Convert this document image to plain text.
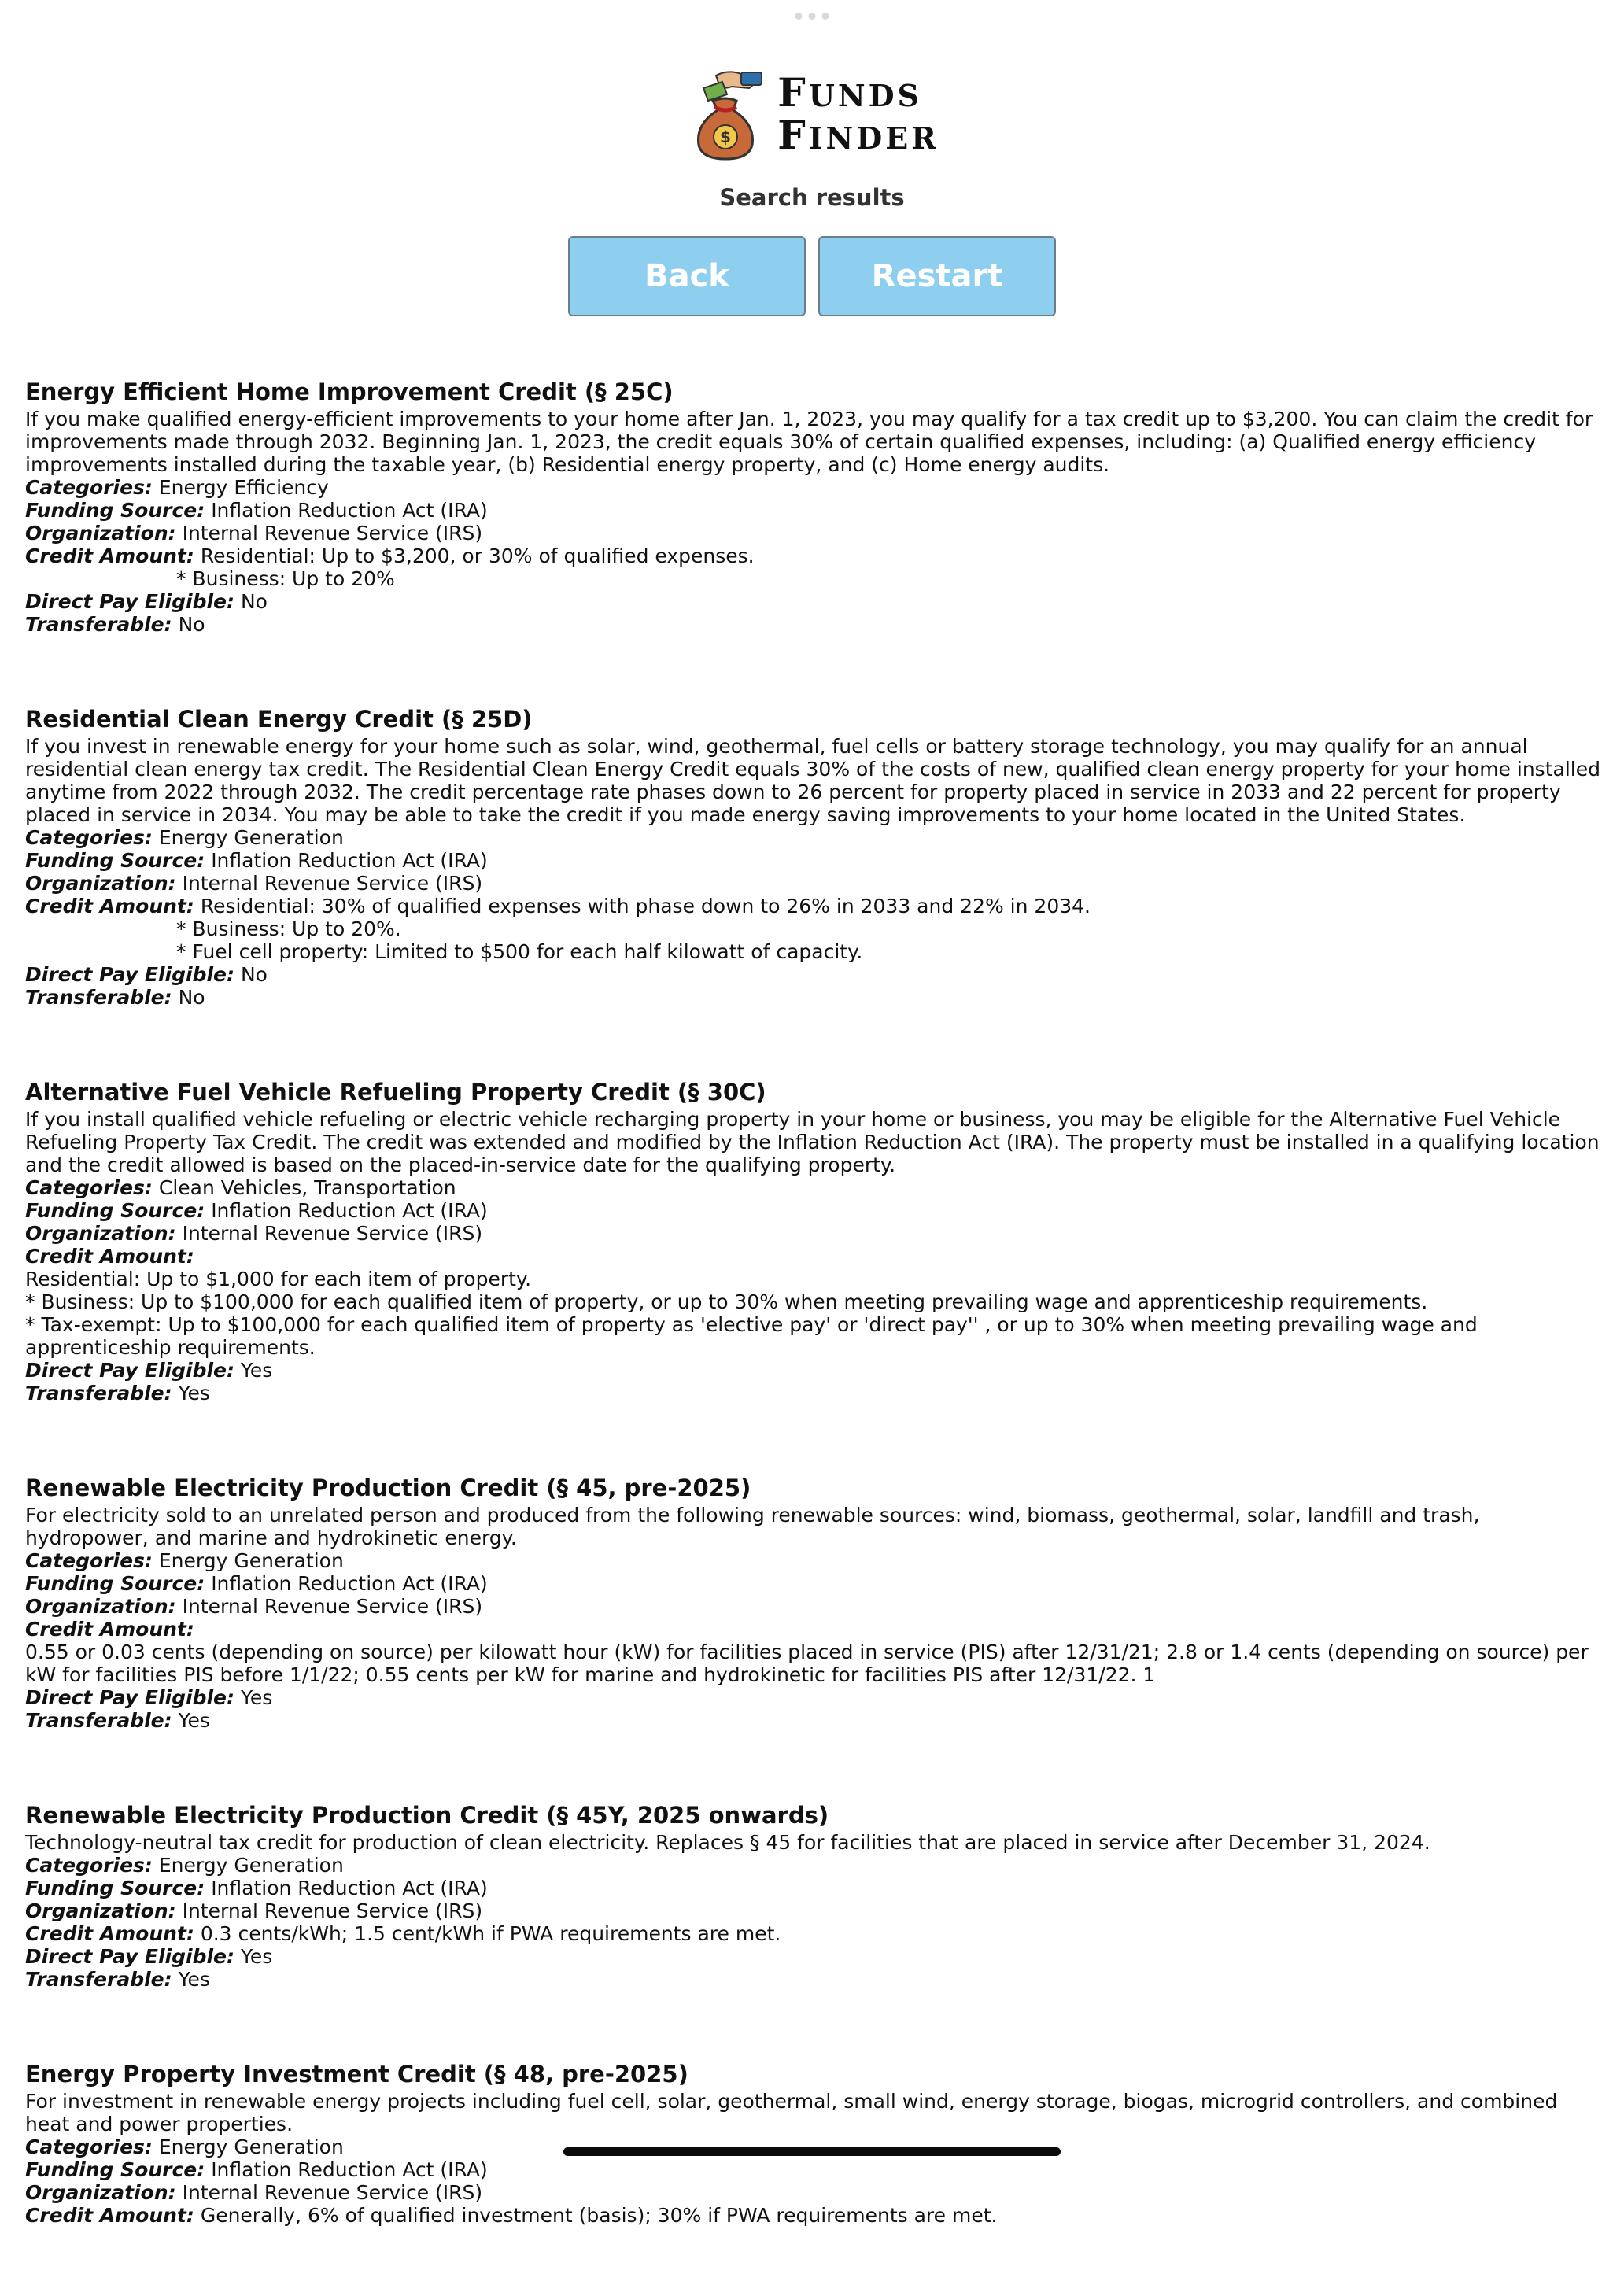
$
FUNDS
FINDER
Search results
Back	Restart
Energy Efficient Home Improvement Credit (§ 25C)

If you make qualified energy-efficient improvements to your home after Jan. 1, 2023, you may qualify for a tax credit up to $3,200. You can claim the credit for improvements made through 2032. Beginning Jan. 1, 2023, the credit equals 30% of certain qualified expenses, including: (a) Qualified energy efficiency improvements installed during the taxable year, (b) Residential energy property, and (c) Home energy audits.

Categories: Energy Efficiency

Funding Source: Inflation Reduction Act (IRA)

Organization: Internal Revenue Service (IRS)

Credit Amount: Residential: Up to $3,200, or 30% of qualified expenses.

* Business: Up to 20%

Direct Pay Eligible: No

Transferable: No

Residential Clean Energy Credit (§ 25D)

If you invest in renewable energy for your home such as solar, wind, geothermal, fuel cells or battery storage technology, you may qualify for an annual residential clean energy tax credit. The Residential Clean Energy Credit equals 30% of the costs of new, qualified clean energy property for your home installed anytime from 2022 through 2032. The credit percentage rate phases down to 26 percent for property placed in service in 2033 and 22 percent for property placed in service in 2034. You may be able to take the credit if you made energy saving improvements to your home located in the United States.

Categories: Energy Generation

Funding Source: Inflation Reduction Act (IRA)

Organization: Internal Revenue Service (IRS)

Credit Amount: Residential: 30% of qualified expenses with phase down to 26% in 2033 and 22% in 2034.

* Business: Up to 20%.

* Fuel cell property: Limited to $500 for each half kilowatt of capacity.

Direct Pay Eligible: No

Transferable: No

Alternative Fuel Vehicle Refueling Property Credit (§ 30C)

If you install qualified vehicle refueling or electric vehicle recharging property in your home or business, you may be eligible for the Alternative Fuel Vehicle Refueling Property Tax Credit. The credit was extended and modified by the Inflation Reduction Act (IRA). The property must be installed in a qualifying location and the credit allowed is based on the placed-in-service date for the qualifying property.

Categories: Clean Vehicles, Transportation

Funding Source: Inflation Reduction Act (IRA)

Organization: Internal Revenue Service (IRS)

Credit Amount:

Residential: Up to $1,000 for each item of property.

* Business: Up to $100,000 for each qualified item of property, or up to 30% when meeting prevailing wage and apprenticeship requirements.

* Tax-exempt: Up to $100,000 for each qualified item of property as 'elective pay' or 'direct pay'' , or up to 30% when meeting prevailing wage and apprenticeship requirements.

Direct Pay Eligible: Yes

Transferable: Yes

Renewable Electricity Production Credit (§ 45, pre-2025)

For electricity sold to an unrelated person and produced from the following renewable sources: wind, biomass, geothermal, solar, landfill and trash, hydropower, and marine and hydrokinetic energy.

Categories: Energy Generation

Funding Source: Inflation Reduction Act (IRA)

Organization: Internal Revenue Service (IRS)

Credit Amount:

0.55 or 0.03 cents (depending on source) per kilowatt hour (kW) for facilities placed in service (PIS) after 12/31/21; 2.8 or 1.4 cents (depending on source) per kW for facilities PIS before 1/1/22; 0.55 cents per kW for marine and hydrokinetic for facilities PIS after 12/31/22. 1

Direct Pay Eligible: Yes

Transferable: Yes

Renewable Electricity Production Credit (§ 45Y, 2025 onwards)

Technology-neutral tax credit for production of clean electricity. Replaces § 45 for facilities that are placed in service after December 31, 2024.

Categories: Energy Generation

Funding Source: Inflation Reduction Act (IRA)

Organization: Internal Revenue Service (IRS)

Credit Amount: 0.3 cents/kWh; 1.5 cent/kWh if PWA requirements are met.

Direct Pay Eligible: Yes

Transferable: Yes

Energy Property Investment Credit (§ 48, pre-2025)

For investment in renewable energy projects including fuel cell, solar, geothermal, small wind, energy storage, biogas, microgrid controllers, and combined heat and power properties.

Categories: Energy Generation

Funding Source: Inflation Reduction Act (IRA)

Organization: Internal Revenue Service (IRS)

Credit Amount: Generally, 6% of qualified investment (basis); 30% if PWA requirements are met.
